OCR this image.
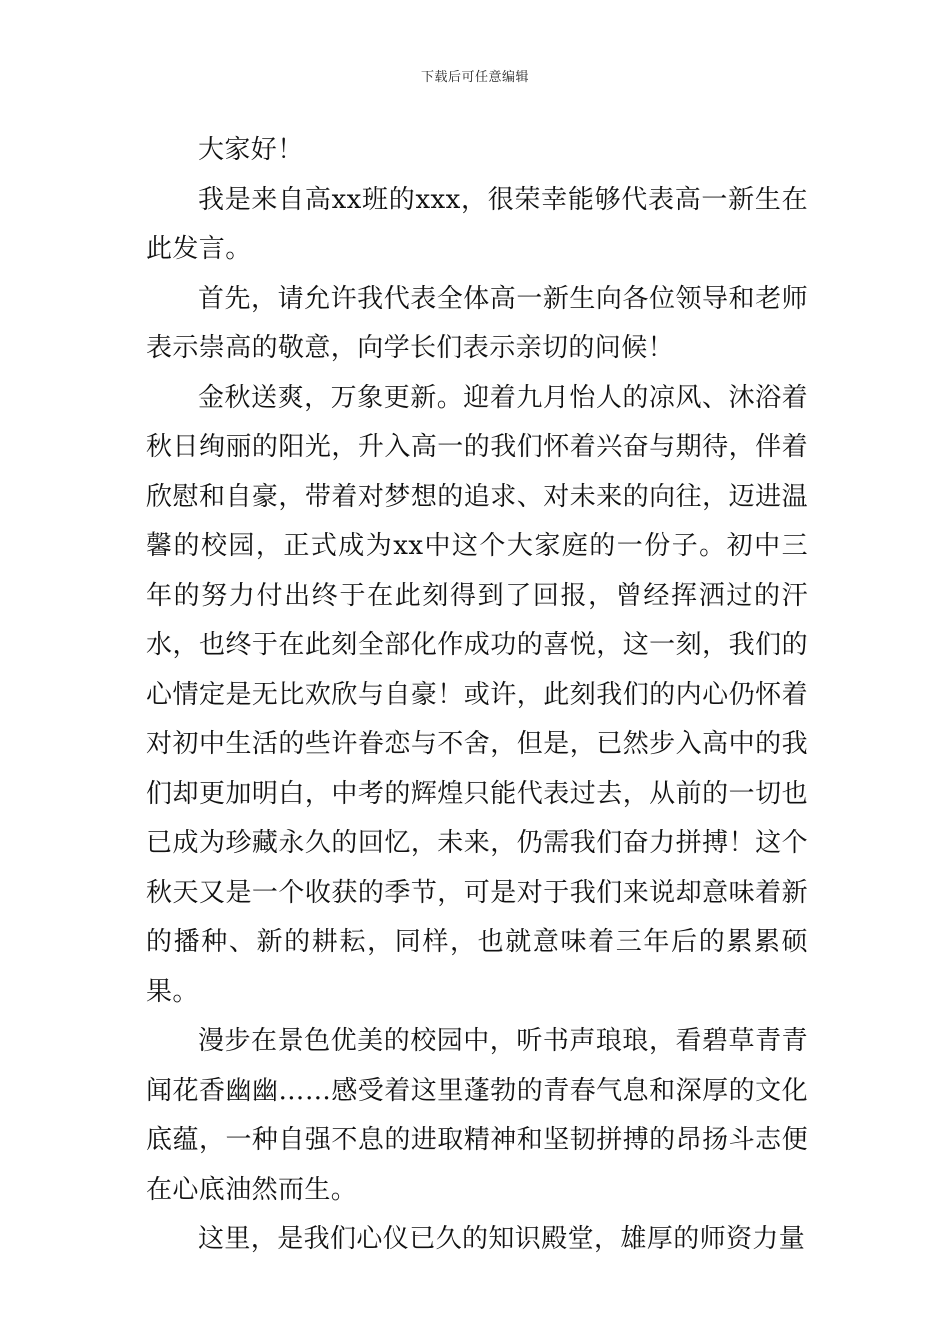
下载后可任意编辑

大家好！

我是来自高xx班的xxx，很荣幸能够代表高一新生在此发言。

首先，请允许我代表全体高一新生向各位领导和老师表示崇高的敬意，向学长们表示亲切的问候！

金秋送爽，万象更新。迎着九月怡人的凉风、沐浴着秋日绚丽的阳光，升入高一的我们怀着兴奋与期待，伴着欣慰和自豪，带着对梦想的追求、对未来的向往，迈进温馨的校园，正式成为xx中这个大家庭的一份子。初中三年的努力付出终于在此刻得到了回报，曾经挥洒过的汗水，也终于在此刻全部化作成功的喜悦，这一刻，我们的心情定是无比欢欣与自豪！或许，此刻我们的内心仍怀着对初中生活的些许眷恋与不舍，但是，已然步入高中的我们却更加明白，中考的辉煌只能代表过去，从前的一切也已成为珍藏永久的回忆，未来，仍需我们奋力拼搏！这个秋天又是一个收获的季节，可是对于我们来说却意味着新的播种、新的耕耘，同样，也就意味着三年后的累累硕果。

漫步在景色优美的校园中，听书声琅琅，看碧草青青闻花香幽幽……感受着这里蓬勃的青春气息和深厚的文化底蕴，一种自强不息的进取精神和坚韧拼搏的昂扬斗志便在心底油然而生。

这里，是我们心仪已久的知识殿堂，雄厚的师资力量
